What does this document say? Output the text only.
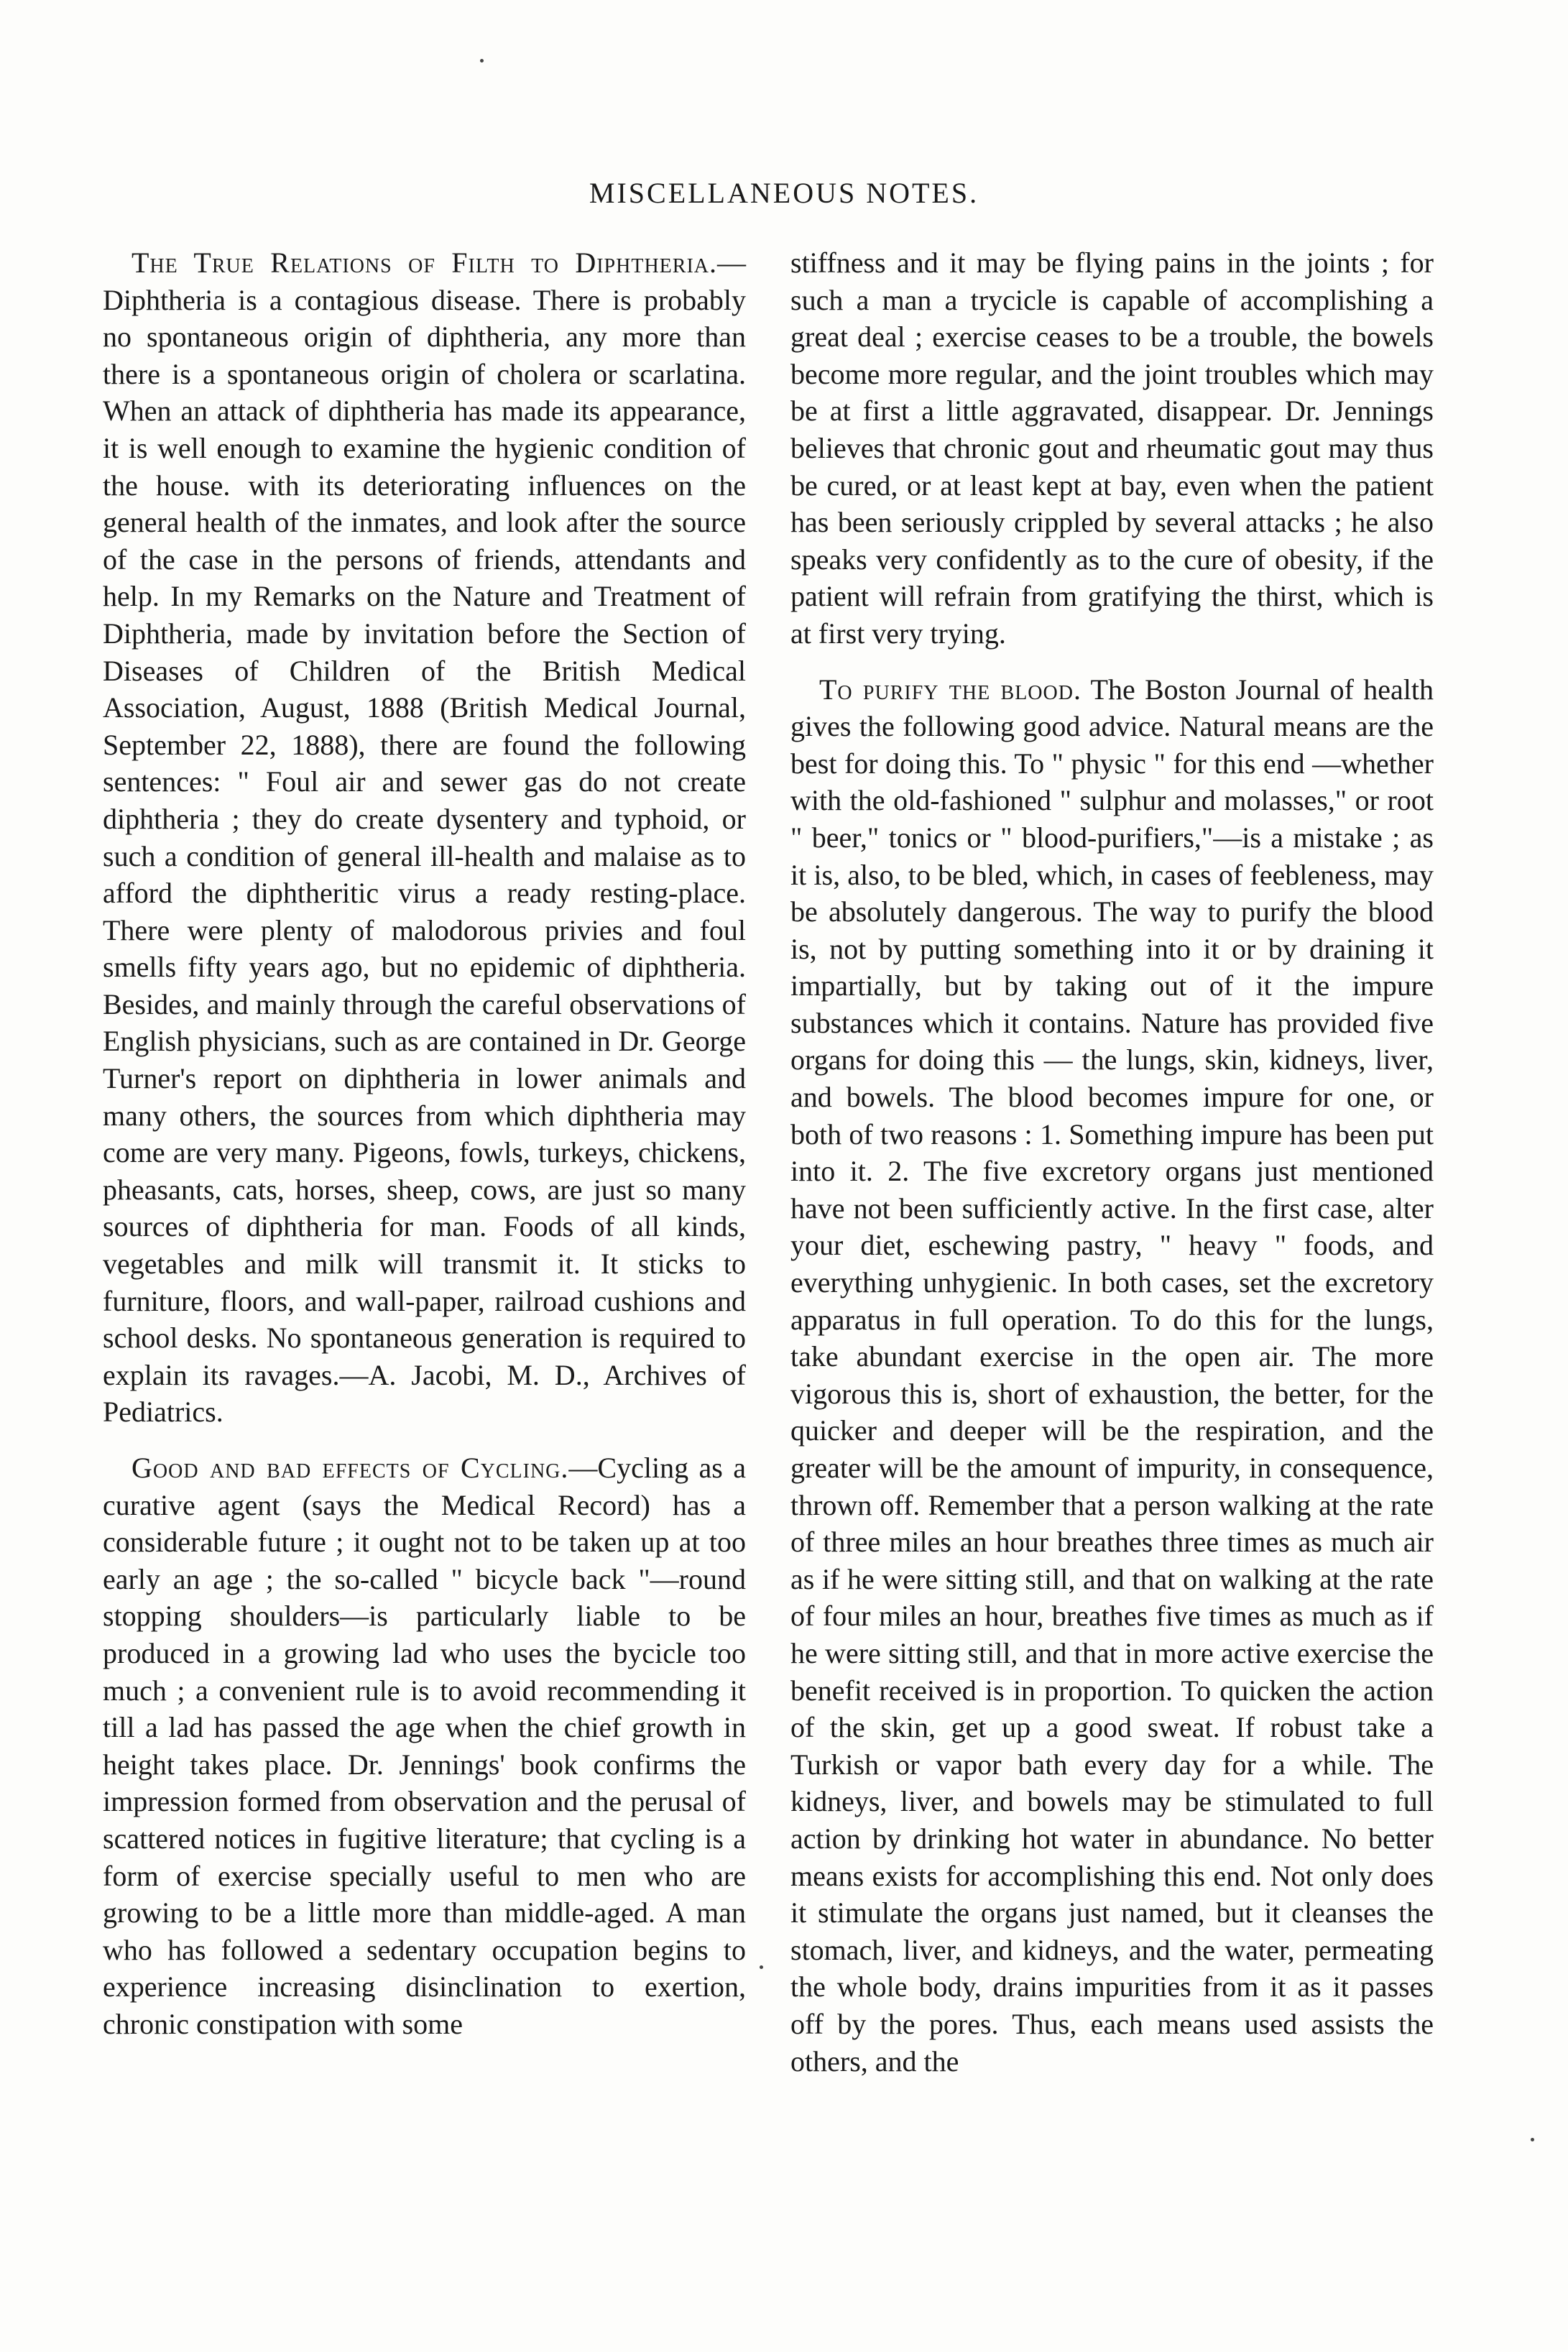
MISCELLANEOUS NOTES.

The True Relations of Filth to Diphtheria.—Diphtheria is a contagious disease. There is probably no spontaneous origin of diphtheria, any more than there is a spontaneous origin of cholera or scarlatina. When an attack of diphtheria has made its appearance, it is well enough to examine the hygienic condition of the house. with its deteriorating influences on the general health of the inmates, and look after the source of the case in the persons of friends, attendants and help. In my Remarks on the Nature and Treatment of Diphtheria, made by invitation before the Section of Diseases of Children of the British Medical Association, August, 1888 (British Medical Journal, September 22, 1888), there are found the following sentences: " Foul air and sewer gas do not create diphtheria ; they do create dysentery and typhoid, or such a condition of general ill-health and malaise as to afford the diphtheritic virus a ready resting-place. There were plenty of malodorous privies and foul smells fifty years ago, but no epidemic of diphtheria. Besides, and mainly through the careful observations of English physicians, such as are contained in Dr. George Turner's report on diphtheria in lower animals and many others, the sources from which diphtheria may come are very many. Pigeons, fowls, turkeys, chickens, pheasants, cats, horses, sheep, cows, are just so many sources of diphtheria for man. Foods of all kinds, vegetables and milk will transmit it. It sticks to furniture, floors, and wall-paper, railroad cushions and school desks. No spontaneous generation is required to explain its ravages.—A. Jacobi, M. D., Archives of Pediatrics.

Good and bad effects of Cycling.—Cycling as a curative agent (says the Medical Record) has a considerable future ; it ought not to be taken up at too early an age ; the so-called " bicycle back "—round stopping shoulders—is particularly liable to be produced in a growing lad who uses the bycicle too much ; a convenient rule is to avoid recommending it till a lad has passed the age when the chief growth in height takes place. Dr. Jennings' book confirms the impression formed from observation and the perusal of scattered notices in fugitive literature; that cycling is a form of exercise specially useful to men who are growing to be a little more than middle-aged. A man who has followed a sedentary occupation begins to experience increasing disinclination to exertion, chronic constipation with some

stiffness and it may be flying pains in the joints ; for such a man a trycicle is capable of accomplishing a great deal ; exercise ceases to be a trouble, the bowels become more regular, and the joint troubles which may be at first a little aggravated, disappear. Dr. Jennings believes that chronic gout and rheumatic gout may thus be cured, or at least kept at bay, even when the patient has been seriously crippled by several attacks ; he also speaks very confidently as to the cure of obesity, if the patient will refrain from gratifying the thirst, which is at first very trying.

To purify the blood. The Boston Journal of health gives the following good advice. Natural means are the best for doing this. To " physic " for this end —whether with the old-fashioned " sulphur and molasses," or root " beer," tonics or " blood-purifiers,"—is a mistake ; as it is, also, to be bled, which, in cases of feebleness, may be absolutely dangerous. The way to purify the blood is, not by putting something into it or by draining it impartially, but by taking out of it the impure substances which it contains. Nature has provided five organs for doing this — the lungs, skin, kidneys, liver, and bowels. The blood becomes impure for one, or both of two reasons : 1. Something impure has been put into it. 2. The five excretory organs just mentioned have not been sufficiently active. In the first case, alter your diet, eschewing pastry, " heavy " foods, and everything unhygienic. In both cases, set the excretory apparatus in full operation. To do this for the lungs, take abundant exercise in the open air. The more vigorous this is, short of exhaustion, the better, for the quicker and deeper will be the respiration, and the greater will be the amount of impurity, in consequence, thrown off. Remember that a person walking at the rate of three miles an hour breathes three times as much air as if he were sitting still, and that on walking at the rate of four miles an hour, breathes five times as much as if he were sitting still, and that in more active exercise the benefit received is in proportion. To quicken the action of the skin, get up a good sweat. If robust take a Turkish or vapor bath every day for a while. The kidneys, liver, and bowels may be stimulated to full action by drinking hot water in abundance. No better means exists for accomplishing this end. Not only does it stimulate the organs just named, but it cleanses the stomach, liver, and kidneys, and the water, permeating the whole body, drains impurities from it as it passes off by the pores. Thus, each means used assists the others, and the
